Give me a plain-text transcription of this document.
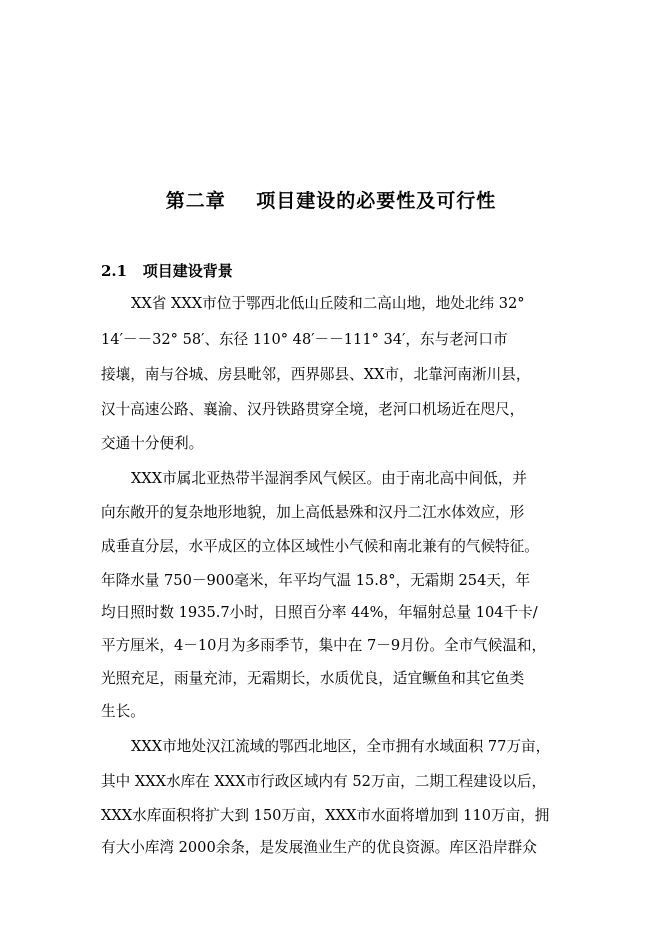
第二章    项目建设的必要性及可行性
2.1   项目建设背景
XX省 XXX市位于鄂西北低山丘陵和二高山地，地处北纬 32°
14′－－32° 58′、东径 110° 48′－－111° 34′，东与老河口市
接壤，南与谷城、房县毗邻，西界郧县、XX市，北靠河南淅川县，
汉十高速公路、襄渝、汉丹铁路贯穿全境，老河口机场近在咫尺，
交通十分便利。
XXX市属北亚热带半湿润季风气候区。由于南北高中间低，并
向东敞开的复杂地形地貌，加上高低悬殊和汉丹二江水体效应，形
成垂直分层，水平成区的立体区域性小气候和南北兼有的气候特征。
年降水量 750－900毫米，年平均气温 15.8°，无霜期 254天，年
均日照时数 1935.7小时，日照百分率 44%，年辐射总量 104千卡/
平方厘米，4－10月为多雨季节，集中在 7－9月份。全市气候温和，
光照充足，雨量充沛，无霜期长，水质优良，适宜鳜鱼和其它鱼类
生长。
XXX市地处汉江流域的鄂西北地区，全市拥有水域面积 77万亩，
其中 XXX水库在 XXX市行政区域内有 52万亩，二期工程建设以后，
XXX水库面积将扩大到 150万亩，XXX市水面将增加到 110万亩，拥
有大小库湾 2000余条，是发展渔业生产的优良资源。库区沿岸群众
